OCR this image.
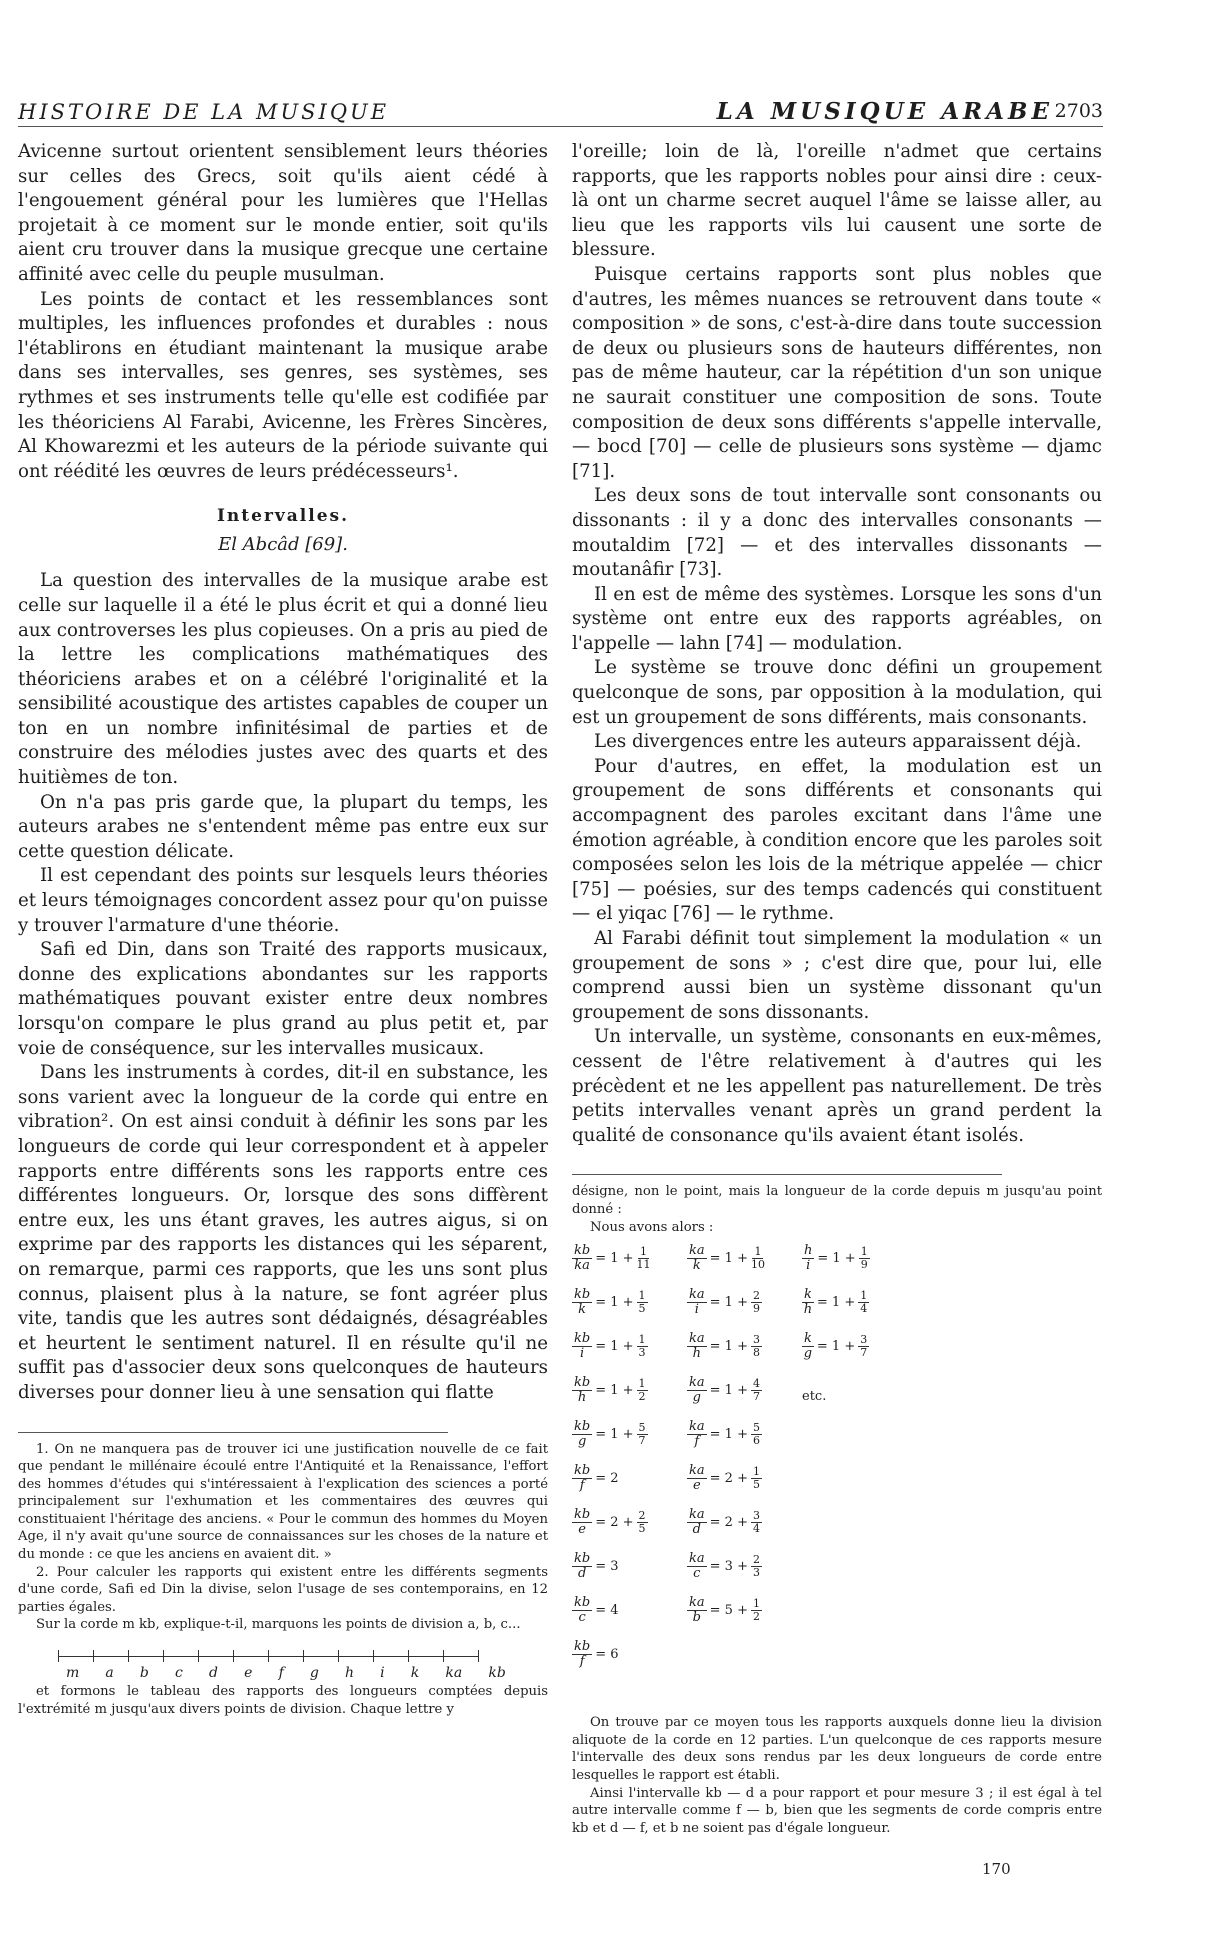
HISTOIRE DE LA MUSIQUE	LA MUSIQUE ARABE 2703

Avicenne surtout orientent sensiblement leurs théories sur celles des Grecs, soit qu'ils aient cédé à l'engouement général pour les lumières que l'Hellas projetait à ce moment sur le monde entier, soit qu'ils aient cru trouver dans la musique grecque une certaine affinité avec celle du peuple musulman.

Les points de contact et les ressemblances sont multiples, les influences profondes et durables : nous l'établirons en étudiant maintenant la musique arabe dans ses intervalles, ses genres, ses systèmes, ses rythmes et ses instruments telle qu'elle est codifiée par les théoriciens Al Farabi, Avicenne, les Frères Sincères, Al Khowarezmi et les auteurs de la période suivante qui ont réédité les œuvres de leurs prédécesseurs¹.

Intervalles.
El Abcâd [69].

La question des intervalles de la musique arabe est celle sur laquelle il a été le plus écrit et qui a donné lieu aux controverses les plus copieuses. On a pris au pied de la lettre les complications mathématiques des théoriciens arabes et on a célébré l'originalité et la sensibilité acoustique des artistes capables de couper un ton en un nombre infinitésimal de parties et de construire des mélodies justes avec des quarts et des huitièmes de ton.

On n'a pas pris garde que, la plupart du temps, les auteurs arabes ne s'entendent même pas entre eux sur cette question délicate.

Il est cependant des points sur lesquels leurs théories et leurs témoignages concordent assez pour qu'on puisse y trouver l'armature d'une théorie.

Safi ed Din, dans son Traité des rapports musicaux, donne des explications abondantes sur les rapports mathématiques pouvant exister entre deux nombres lorsqu'on compare le plus grand au plus petit et, par voie de conséquence, sur les intervalles musicaux.

Dans les instruments à cordes, dit-il en substance, les sons varient avec la longueur de la corde qui entre en vibration². On est ainsi conduit à définir les sons par les longueurs de corde qui leur correspondent et à appeler rapports entre différents sons les rapports entre ces différentes longueurs. Or, lorsque des sons diffèrent entre eux, les uns étant graves, les autres aigus, si on exprime par des rapports les distances qui les séparent, on remarque, parmi ces rapports, que les uns sont plus connus, plaisent plus à la nature, se font agréer plus vite, tandis que les autres sont dédaignés, désagréables et heurtent le sentiment naturel. Il en résulte qu'il ne suffit pas d'associer deux sons quelconques de hauteurs diverses pour donner lieu à une sensation qui flatte

1. On ne manquera pas de trouver ici une justification nouvelle de ce fait que pendant le millénaire écoulé entre l'Antiquité et la Renaissance, l'effort des hommes d'études qui s'intéressaient à l'explication des sciences a porté principalement sur l'exhumation et les commentaires des œuvres qui constituaient l'héritage des anciens. « Pour le commun des hommes du Moyen Age, il n'y avait qu'une source de connaissances sur les choses de la nature et du monde : ce que les anciens en avaient dit. »

2. Pour calculer les rapports qui existent entre les différents segments d'une corde, Safi ed Din la divise, selon l'usage de ses contemporains, en 12 parties égales.

Sur la corde m kb, explique-t-il, marquons les points de division a, b, c...

m a b c d e f g h i k ka kb

et formons le tableau des rapports des longueurs comptées depuis l'extrémité m jusqu'aux divers points de division. Chaque lettre y

l'oreille; loin de là, l'oreille n'admet que certains rapports, que les rapports nobles pour ainsi dire : ceux-là ont un charme secret auquel l'âme se laisse aller, au lieu que les rapports vils lui causent une sorte de blessure.

Puisque certains rapports sont plus nobles que d'autres, les mêmes nuances se retrouvent dans toute « composition » de sons, c'est-à-dire dans toute succession de deux ou plusieurs sons de hauteurs différentes, non pas de même hauteur, car la répétition d'un son unique ne saurait constituer une composition de sons. Toute composition de deux sons différents s'appelle intervalle, — bocd [70] — celle de plusieurs sons système — djamc [71].

Les deux sons de tout intervalle sont consonants ou dissonants : il y a donc des intervalles consonants — moutaldim [72] — et des intervalles dissonants — moutanâfir [73].

Il en est de même des systèmes. Lorsque les sons d'un système ont entre eux des rapports agréables, on l'appelle — lahn [74] — modulation.

Le système se trouve donc défini un groupement quelconque de sons, par opposition à la modulation, qui est un groupement de sons différents, mais consonants.

Les divergences entre les auteurs apparaissent déjà.

Pour d'autres, en effet, la modulation est un groupement de sons différents et consonants qui accompagnent des paroles excitant dans l'âme une émotion agréable, à condition encore que les paroles soit composées selon les lois de la métrique appelée — chicr [75] — poésies, sur des temps cadencés qui constituent — el yiqac [76] — le rythme.

Al Farabi définit tout simplement la modulation « un groupement de sons » ; c'est dire que, pour lui, elle comprend aussi bien un système dissonant qu'un groupement de sons dissonants.

Un intervalle, un système, consonants en eux-mêmes, cessent de l'être relativement à d'autres qui les précèdent et ne les appellent pas naturellement. De très petits intervalles venant après un grand perdent la qualité de consonance qu'ils avaient étant isolés.

désigne, non le point, mais la longueur de la corde depuis m jusqu'au point donné :

Nous avons alors :

etc.
$\frac{kb}{ka} = 1 + \frac{1}{11}$
$\frac{kb}{k} = 1 + \frac{1}{5}$
$\frac{kb}{i} = 1 + \frac{1}{3}$
$\frac{kb}{h} = 1 + \frac{1}{2}$
$\frac{kb}{g} = 1 + \frac{5}{7}$
$\frac{kb}{f} = 2$
$\frac{kb}{e} = 2 + \frac{2}{5}$
$\frac{kb}{d} = 3$
$\frac{kb}{c} = 4$
$\frac{kb}{f} = 6$
$\frac{ka}{k} = 1 + \frac{1}{10}$
$\frac{ka}{i} = 1 + \frac{2}{9}$
$\frac{ka}{h} = 1 + \frac{3}{8}$
$\frac{ka}{g} = 1 + \frac{4}{7}$
$\frac{ka}{f} = 1 + \frac{5}{6}$
$\frac{ka}{e} = 2 + \frac{1}{5}$
$\frac{ka}{d} = 2 + \frac{3}{4}$
$\frac{ka}{c} = 3 + \frac{2}{3}$
$\frac{ka}{b} = 5 + \frac{1}{2}$
$\frac{h}{i} = 1 + \frac{1}{9}$
$\frac{k}{h} = 1 + \frac{1}{4}$
$\frac{k}{g} = 1 + \frac{3}{7}$

On trouve par ce moyen tous les rapports auxquels donne lieu la division aliquote de la corde en 12 parties. L'un quelconque de ces rapports mesure l'intervalle des deux sons rendus par les deux longueurs de corde entre lesquelles le rapport est établi.

Ainsi l'intervalle kb — d a pour rapport et pour mesure 3 ; il est égal à tel autre intervalle comme f — b, bien que les segments de corde compris entre kb et d — f, et b ne soient pas d'égale longueur.

170
